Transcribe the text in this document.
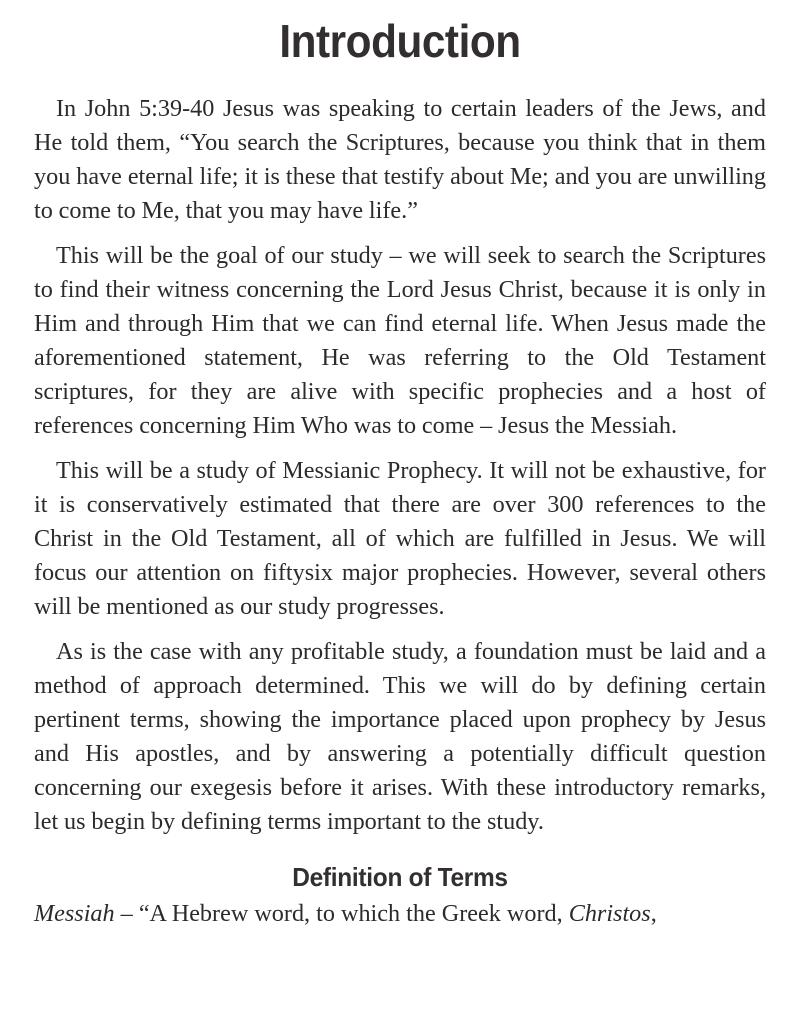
Introduction

In John 5:39-40 Jesus was speaking to certain leaders of the Jews, and He told them, “You search the Scriptures, because you think that in them you have eternal life; it is these that testify about Me; and you are unwilling to come to Me, that you may have life.”

This will be the goal of our study – we will seek to search the Scriptures to find their witness concerning the Lord Jesus Christ, because it is only in Him and through Him that we can find eternal life. When Jesus made the aforementioned statement, He was referring to the Old Testament scriptures, for they are alive with specific prophecies and a host of references concerning Him Who was to come – Jesus the Messiah.

This will be a study of Messianic Prophecy. It will not be exhaustive, for it is conservatively estimated that there are over 300 references to the Christ in the Old Testament, all of which are fulfilled in Jesus. We will focus our attention on fiftysix major prophecies. However, several others will be mentioned as our study progresses.

As is the case with any profitable study, a foundation must be laid and a method of approach determined. This we will do by defining certain pertinent terms, showing the importance placed upon prophecy by Jesus and His apostles, and by answering a potentially difficult question concerning our exegesis before it arises. With these introductory remarks, let us begin by defining terms important to the study.

Definition of Terms

Messiah – “A Hebrew word, to which the Greek word, Christos,
